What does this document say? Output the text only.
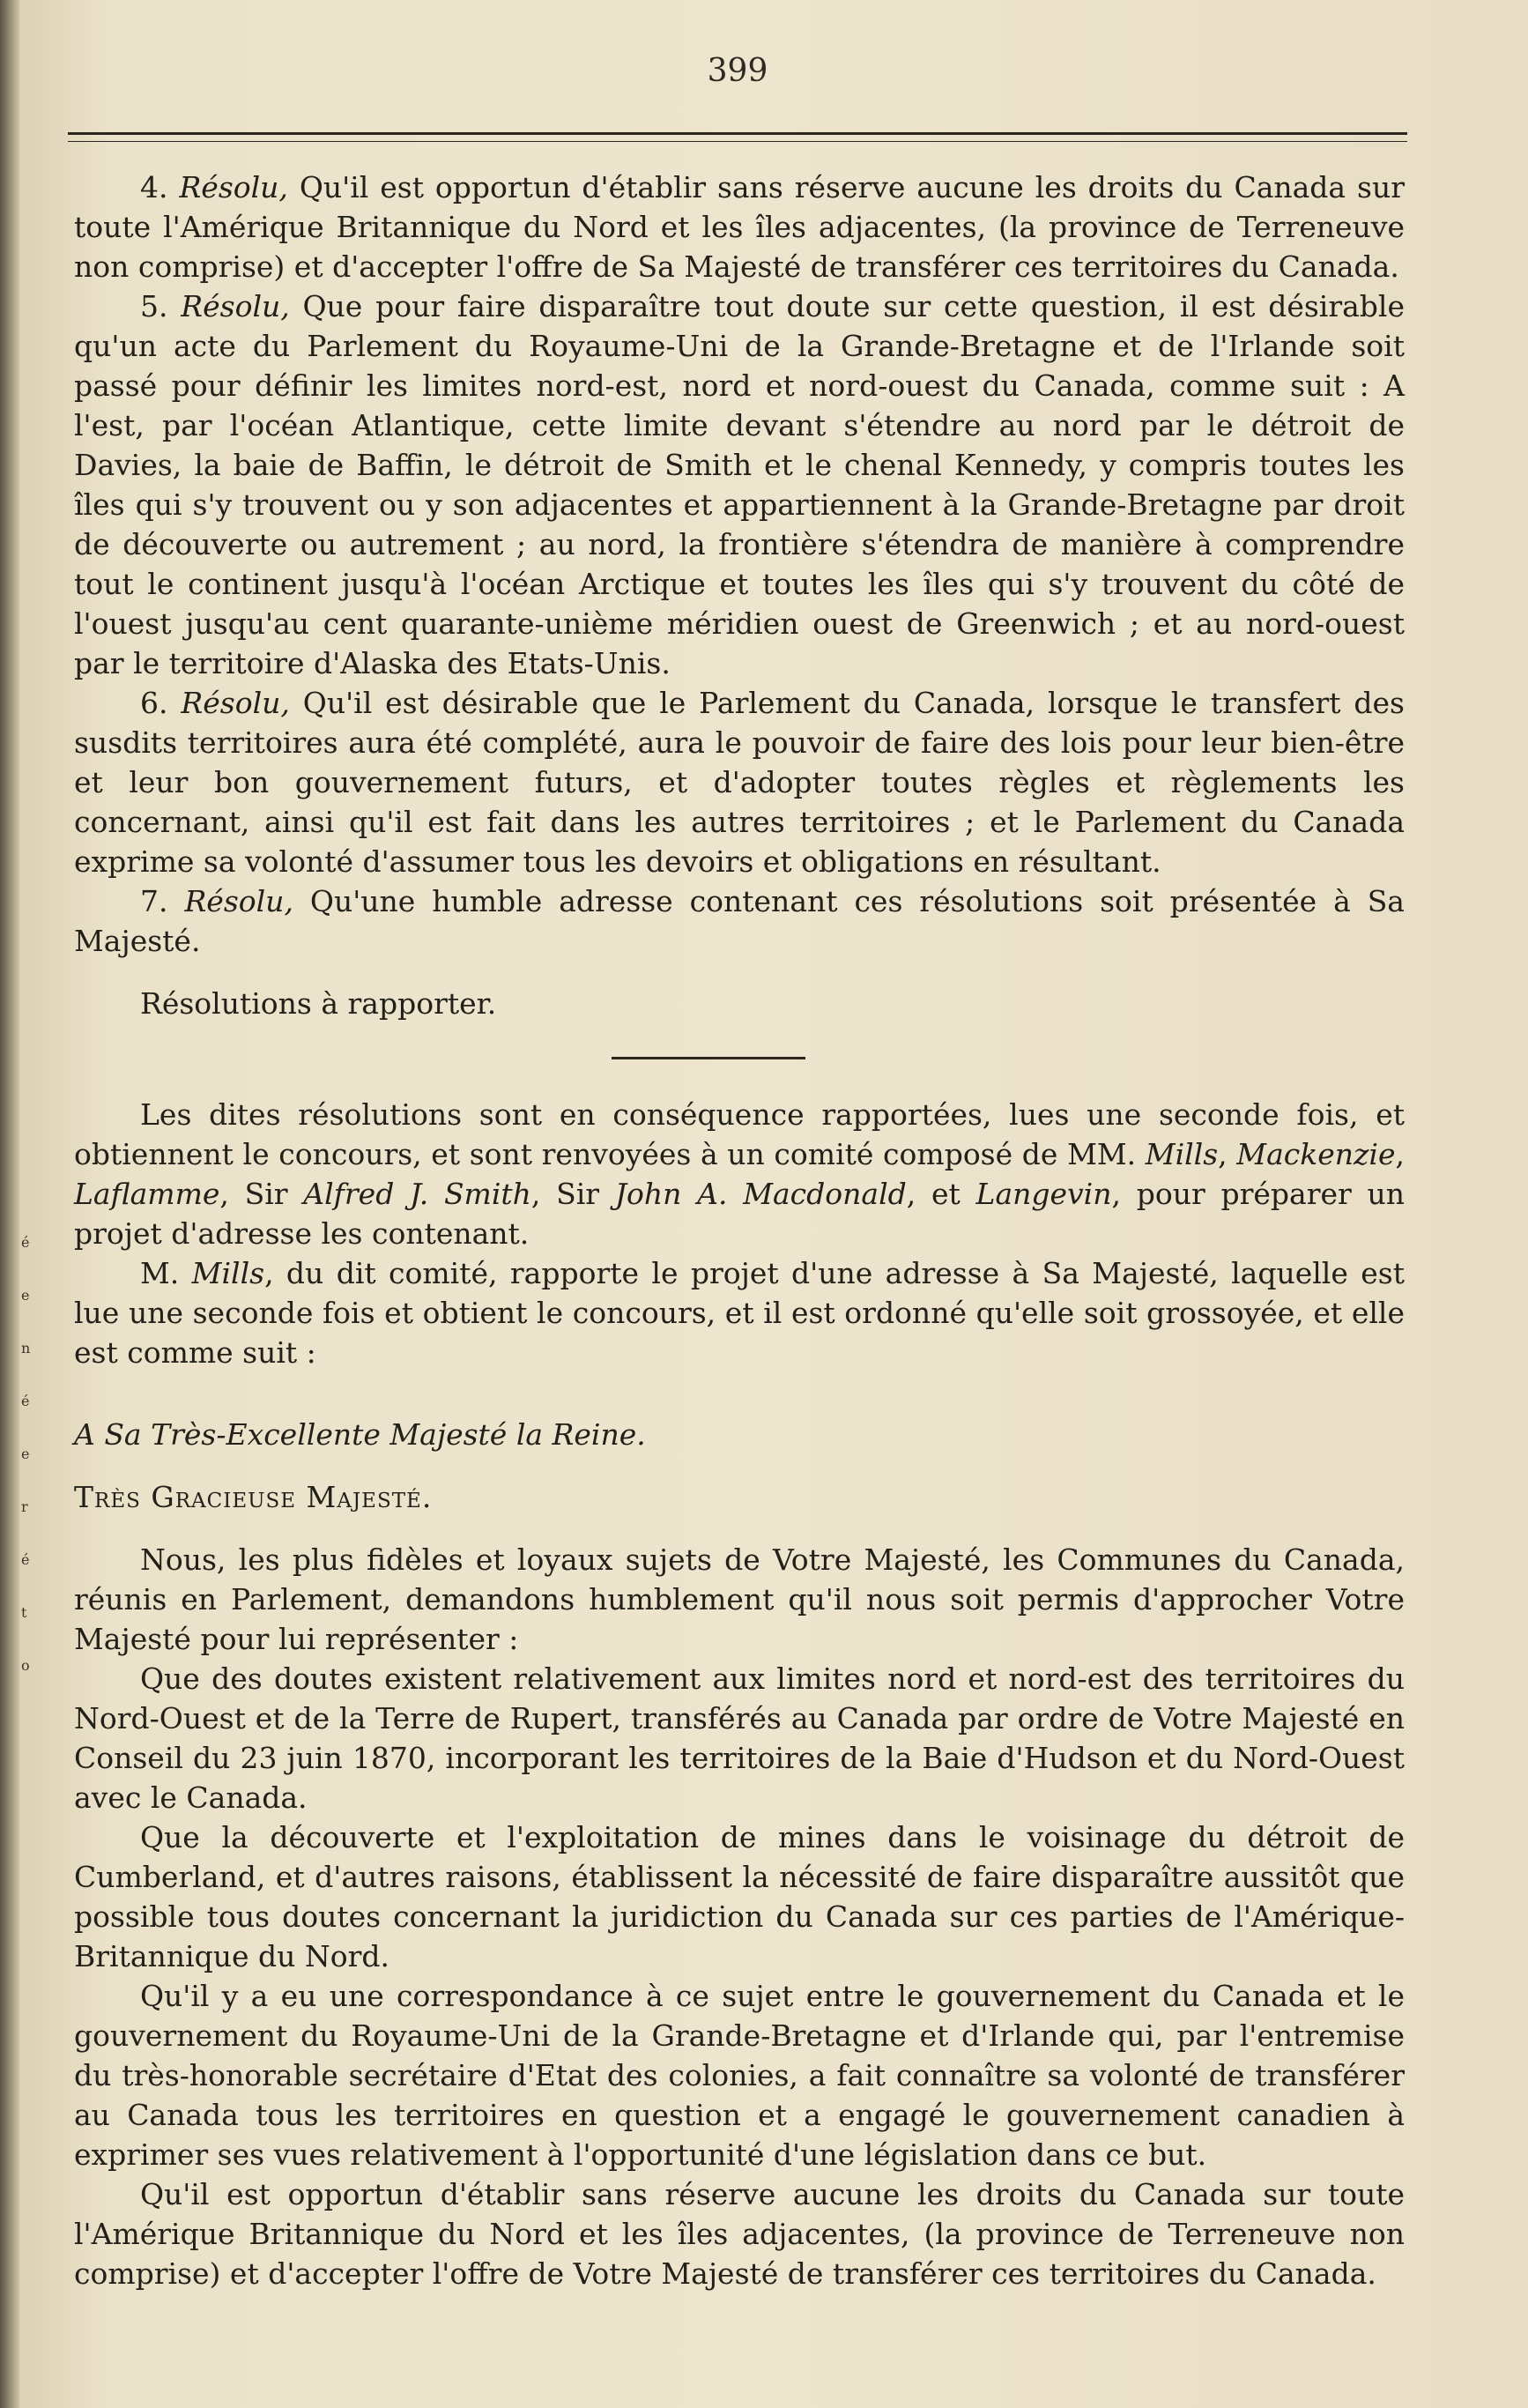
399
é
e
n
é
e
r
é
t
o

4. Résolu, Qu'il est opportun d'établir sans réserve aucune les droits du Canada sur toute l'Amérique Britannique du Nord et les îles adjacentes, (la province de Terreneuve non comprise) et d'accepter l'offre de Sa Majesté de transférer ces territoires du Canada.

5. Résolu, Que pour faire disparaître tout doute sur cette question, il est désirable qu'un acte du Parlement du Royaume-Uni de la Grande-Bretagne et de l'Irlande soit passé pour définir les limites nord-est, nord et nord-ouest du Canada, comme suit : A l'est, par l'océan Atlantique, cette limite devant s'étendre au nord par le détroit de Davies, la baie de Baffin, le détroit de Smith et le chenal Kennedy, y compris toutes les îles qui s'y trouvent ou y son adjacentes et appartiennent à la Grande-Bretagne par droit de découverte ou autrement ; au nord, la frontière s'étendra de manière à comprendre tout le continent jusqu'à l'océan Arctique et toutes les îles qui s'y trouvent du côté de l'ouest jusqu'au cent quarante-unième méridien ouest de Greenwich ; et au nord-ouest par le territoire d'Alaska des Etats-Unis.

6. Résolu, Qu'il est désirable que le Parlement du Canada, lorsque le transfert des susdits territoires aura été complété, aura le pouvoir de faire des lois pour leur bien-être et leur bon gouvernement futurs, et d'adopter toutes règles et règlements les concernant, ainsi qu'il est fait dans les autres territoires ; et le Parlement du Canada exprime sa volonté d'assumer tous les devoirs et obligations en résultant.

7. Résolu, Qu'une humble adresse contenant ces résolutions soit présentée à Sa Majesté.

Résolutions à rapporter.

Les dites résolutions sont en conséquence rapportées, lues une seconde fois, et obtiennent le concours, et sont renvoyées à un comité composé de MM. Mills, Mackenzie, Laflamme, Sir Alfred J. Smith, Sir John A. Macdonald, et Langevin, pour préparer un projet d'adresse les contenant.

M. Mills, du dit comité, rapporte le projet d'une adresse à Sa Majesté, laquelle est lue une seconde fois et obtient le concours, et il est ordonné qu'elle soit grossoyée, et elle est comme suit :

A Sa Très-Excellente Majesté la Reine.

Très Gracieuse Majesté.

Nous, les plus fidèles et loyaux sujets de Votre Majesté, les Communes du Canada, réunis en Parlement, demandons humblement qu'il nous soit permis d'approcher Votre Majesté pour lui représenter :

Que des doutes existent relativement aux limites nord et nord-est des territoires du Nord-Ouest et de la Terre de Rupert, transférés au Canada par ordre de Votre Majesté en Conseil du 23 juin 1870, incorporant les territoires de la Baie d'Hudson et du Nord-Ouest avec le Canada.

Que la découverte et l'exploitation de mines dans le voisinage du détroit de Cumberland, et d'autres raisons, établissent la nécessité de faire disparaître aussitôt que possible tous doutes concernant la juridiction du Canada sur ces parties de l'Amérique-Britannique du Nord.

Qu'il y a eu une correspondance à ce sujet entre le gouvernement du Canada et le gouvernement du Royaume-Uni de la Grande-Bretagne et d'Irlande qui, par l'entremise du très-honorable secrétaire d'Etat des colonies, a fait connaître sa volonté de transférer au Canada tous les territoires en question et a engagé le gouvernement canadien à exprimer ses vues relativement à l'opportunité d'une législation dans ce but.

Qu'il est opportun d'établir sans réserve aucune les droits du Canada sur toute l'Amérique Britannique du Nord et les îles adjacentes, (la province de Terreneuve non comprise) et d'accepter l'offre de Votre Majesté de transférer ces territoires du Canada.
